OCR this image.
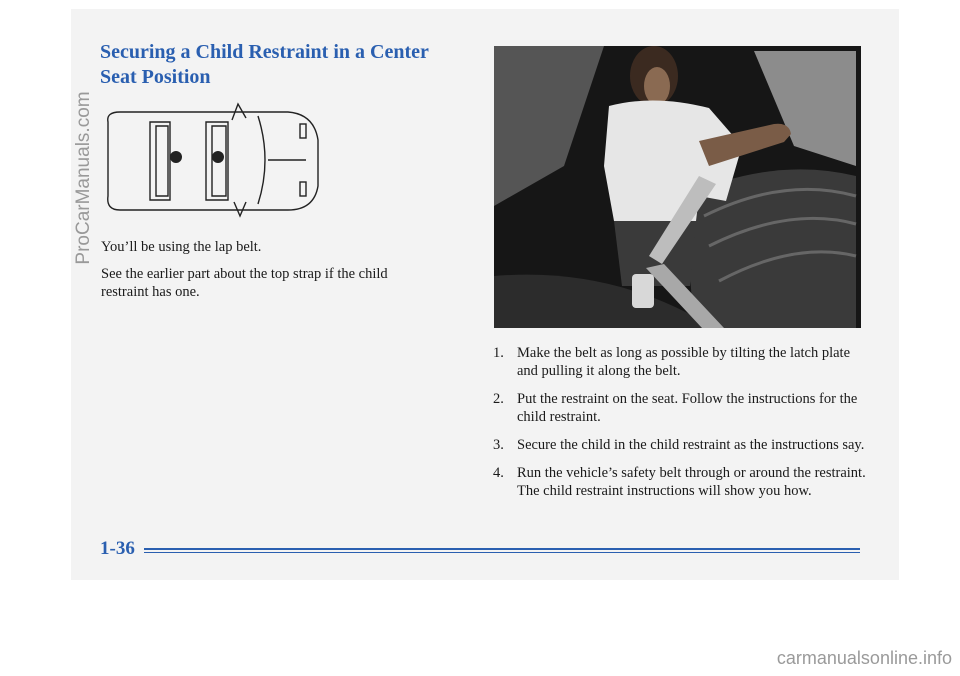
Securing a Child Restraint in a Center Seat Position

You’ll be using the lap belt.

See the earlier part about the top strap if the child restraint has one.

1. Make the belt as long as possible by tilting the latch plate and pulling it along the belt.
2. Put the restraint on the seat. Follow the instructions for the child restraint.
3. Secure the child in the child restraint as the instructions say.
4. Run the vehicle’s safety belt through or around the restraint. The child restraint instructions will show you how.

1-36

ProCarManuals.com
carmanualsonline.info
